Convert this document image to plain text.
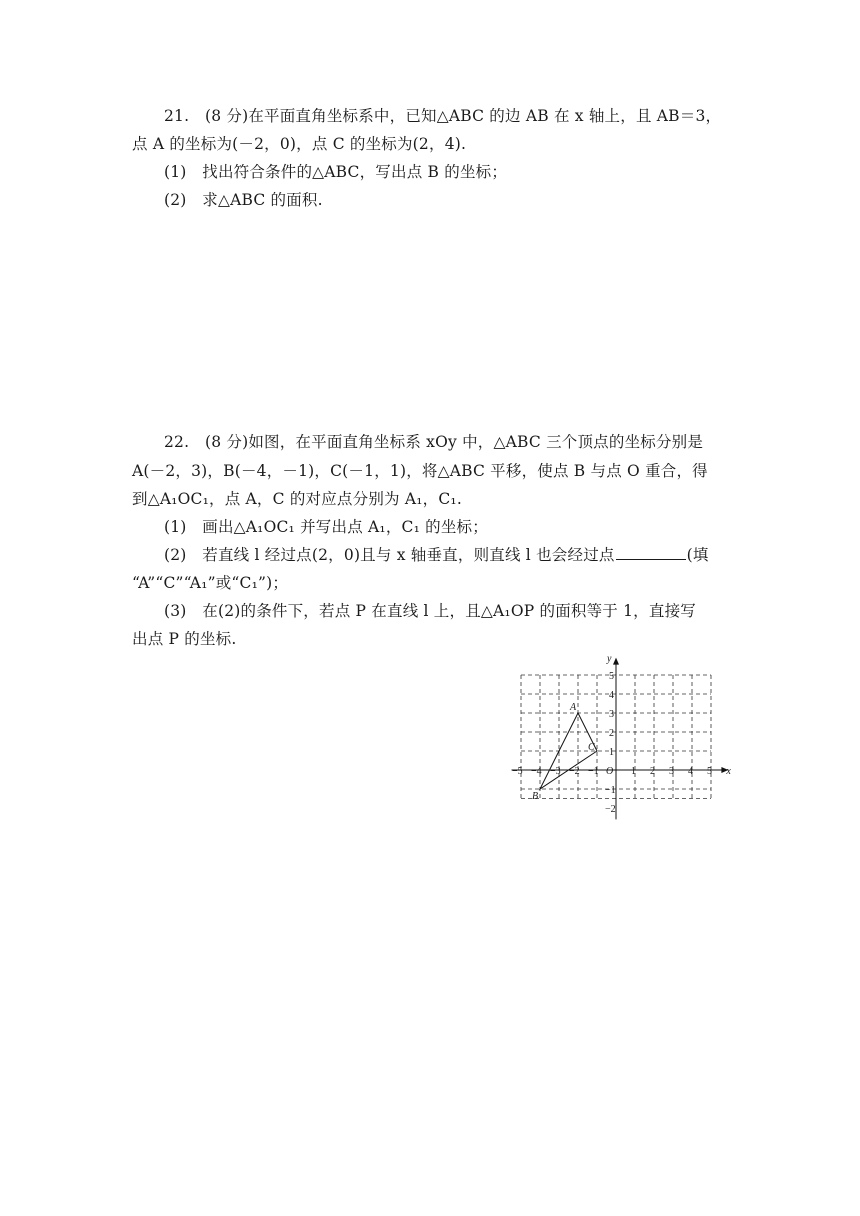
21.　(8 分)在平面直角坐标系中，已知△ABC 的边 AB 在 x 轴上，且 AB＝3，
点 A 的坐标为(－2，0)，点 C 的坐标为(2，4).
(1)　找出符合条件的△ABC，写出点 B 的坐标；
(2)　求△ABC 的面积.
22.　(8 分)如图，在平面直角坐标系 xOy 中，△ABC 三个顶点的坐标分别是
A(－2，3)，B(－4，－1)，C(－1，1)，将△ABC 平移，使点 B 与点 O 重合，得
到△A₁OC₁，点 A，C 的对应点分别为 A₁，C₁.
(1)　画出△A₁OC₁ 并写出点 A₁，C₁ 的坐标；
(2)　若直线 l 经过点(2，0)且与 x 轴垂直，则直线 l 也会经过点	(填
“A”“C”“A₁”或“C₁”)；
(3)　在(2)的条件下，若点 P 在直线 l 上，且△A₁OP 的面积等于 1，直接写
出点 P 的坐标.
x
y
O
−5 −4 −3 −2 −1	1 2 3 4 5
5
4
3
2
1
−1
−2
A
B
C
